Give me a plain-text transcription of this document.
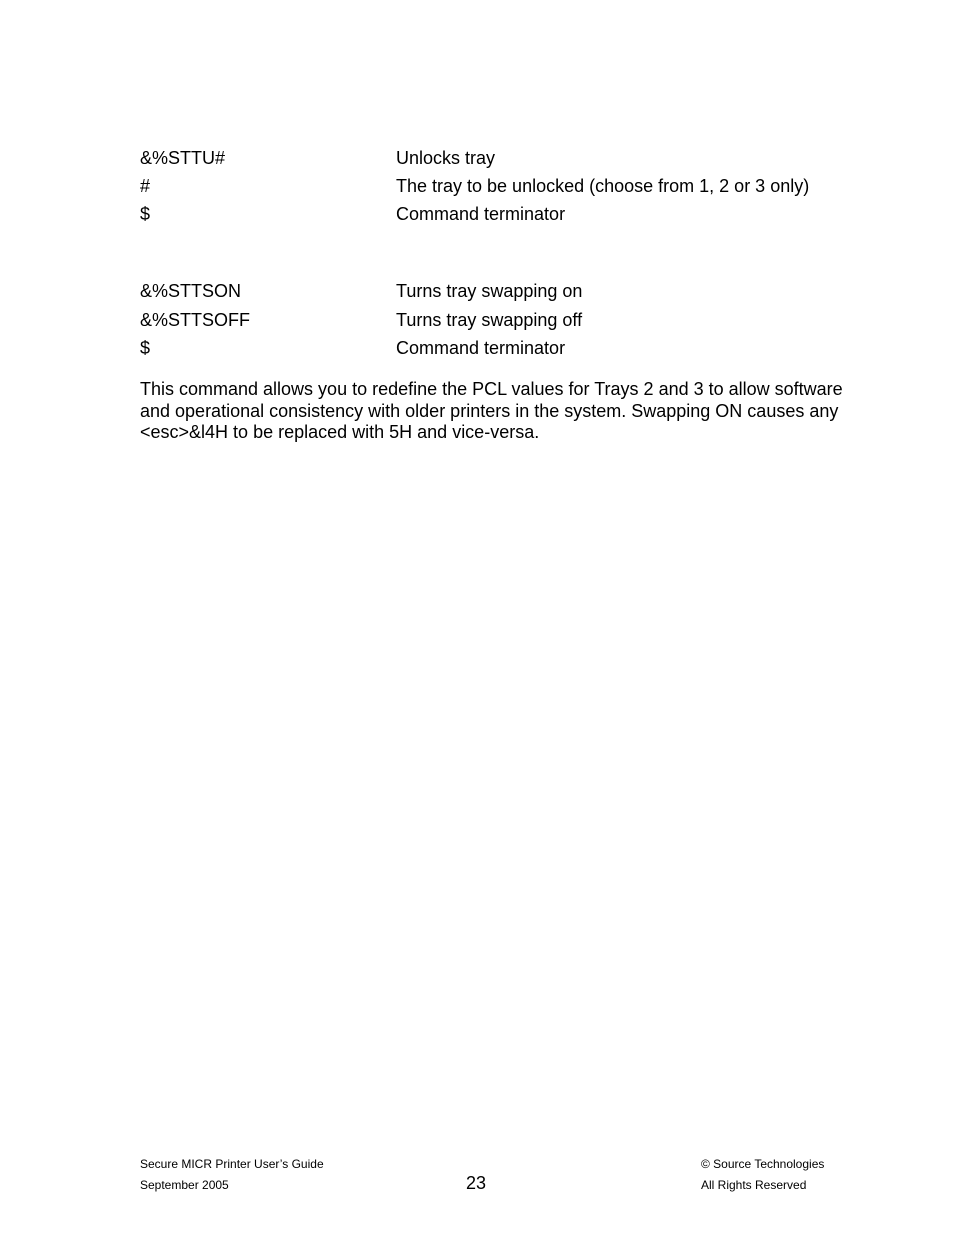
&%STTU#	Unlocks tray
#	The tray to be unlocked (choose from 1, 2 or 3 only)
$	Command terminator
&%STTSON	Turns tray swapping on
&%STTSOFF	Turns tray swapping off
$	Command terminator
This command allows you to redefine the PCL values for Trays 2 and 3 to allow software
and operational consistency with older printers in the system. Swapping ON causes any
<esc>&l4H to be replaced with 5H and vice-versa.
Secure MICR Printer User’s Guide
September 2005	23
© Source Technologies
All Rights Reserved
